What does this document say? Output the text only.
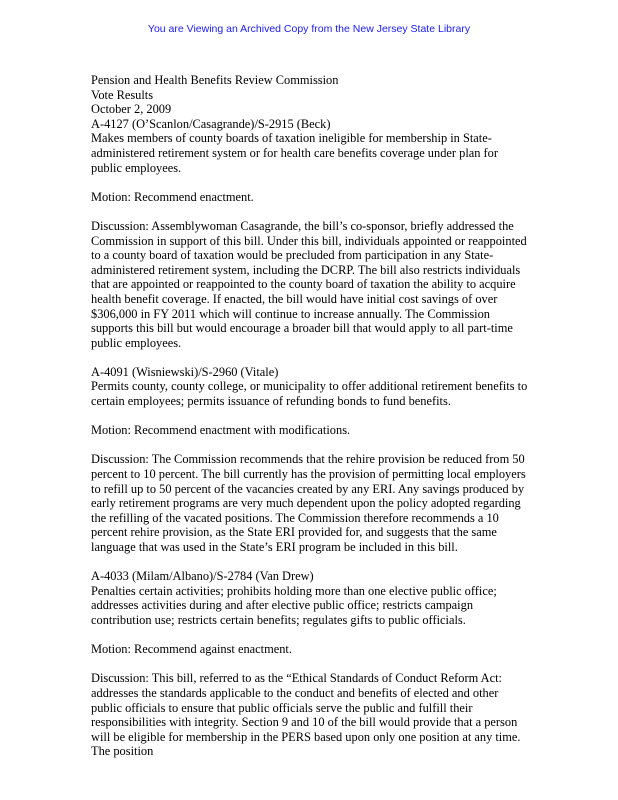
You are Viewing an Archived Copy from the New Jersey State Library

Pension and Health Benefits Review Commission

Vote Results

October 2, 2009

A-4127 (O’Scanlon/Casagrande)/S-2915 (Beck)

Makes members of county boards of taxation ineligible for membership in State-administered retirement system or for health care benefits coverage under plan for public employees.

Motion: Recommend enactment.

Discussion: Assemblywoman Casagrande, the bill’s co-sponsor, briefly addressed the Commission in support of this bill. Under this bill, individuals appointed or reappointed to a county board of taxation would be precluded from participation in any State-administered retirement system, including the DCRP. The bill also restricts individuals that are appointed or reappointed to the county board of taxation the ability to acquire health benefit coverage. If enacted, the bill would have initial cost savings of over $306,000 in FY 2011 which will continue to increase annually. The Commission supports this bill but would encourage a broader bill that would apply to all part-time public employees.

A-4091 (Wisniewski)/S-2960 (Vitale)

Permits county, county college, or municipality to offer additional retirement benefits to certain employees; permits issuance of refunding bonds to fund benefits.

Motion: Recommend enactment with modifications.

Discussion: The Commission recommends that the rehire provision be reduced from 50 percent to 10 percent. The bill currently has the provision of permitting local employers to refill up to 50 percent of the vacancies created by any ERI. Any savings produced by early retirement programs are very much dependent upon the policy adopted regarding the refilling of the vacated positions. The Commission therefore recommends a 10 percent rehire provision, as the State ERI provided for, and suggests that the same language that was used in the State’s ERI program be included in this bill.

A-4033 (Milam/Albano)/S-2784 (Van Drew)

Penalties certain activities; prohibits holding more than one elective public office; addresses activities during and after elective public office; restricts campaign contribution use; restricts certain benefits; regulates gifts to public officials.

Motion: Recommend against enactment.

Discussion: This bill, referred to as the “Ethical Standards of Conduct Reform Act: addresses the standards applicable to the conduct and benefits of elected and other public officials to ensure that public officials serve the public and fulfill their responsibilities with integrity. Section 9 and 10 of the bill would provide that a person will be eligible for membership in the PERS based upon only one position at any time. The position
